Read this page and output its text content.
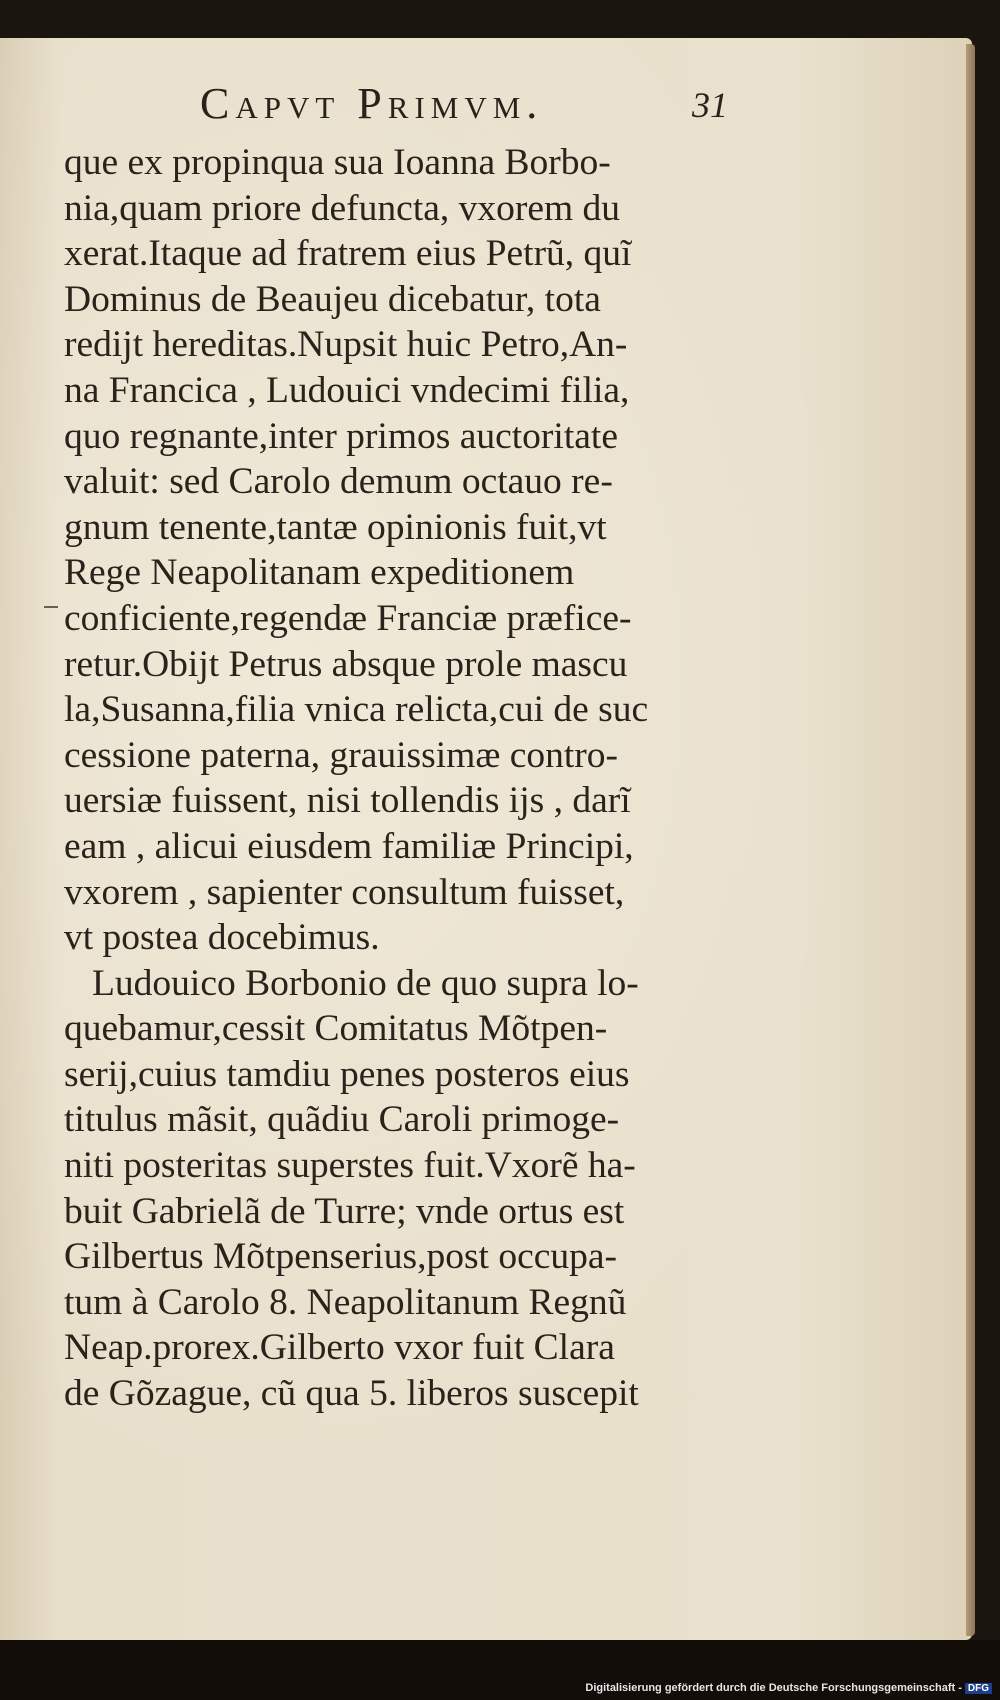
Capvt Primvm.	31
que ex propinqua sua Ioanna Borbo-
nia,quam priore defuncta, vxorem du
xerat.Itaque ad fratrem eius Petrũ, quĩ
Dominus de Beaujeu dicebatur, tota
redijt hereditas.Nupsit huic Petro,An-
na Francica , Ludouici vndecimi filia,
quo regnante,inter primos auctoritate
valuit: sed Carolo demum octauo re-
gnum tenente,tantæ opinionis fuit,vt
Rege Neapolitanam expeditionem
conficiente,regendæ Franciæ præfice-
retur.Obijt Petrus absque prole mascu
la,Susanna,filia vnica relicta,cui de suc
cessione paterna, grauissimæ contro-
uersiæ fuissent, nisi tollendis ijs , darĩ
eam , alicui eiusdem familiæ Principi,
vxorem , sapienter consultum fuisset,
vt postea docebimus.
Ludouico Borbonio de quo supra lo-
quebamur,cessit Comitatus Mõtpen-
serij,cuius tamdiu penes posteros eius
titulus mãsit, quãdiu Caroli primoge-
niti posteritas superstes fuit.Vxorẽ ha-
buit Gabrielã de Turre; vnde ortus est
Gilbertus Mõtpenserius,post occupa-
tum à Carolo 8. Neapolitanum Regnũ
Neap.prorex.Gilberto vxor fuit Clara
de Gõzague, cũ qua 5. liberos suscepit
Digitalisierung gefördert durch die Deutsche Forschungsgemeinschaft - DFG
